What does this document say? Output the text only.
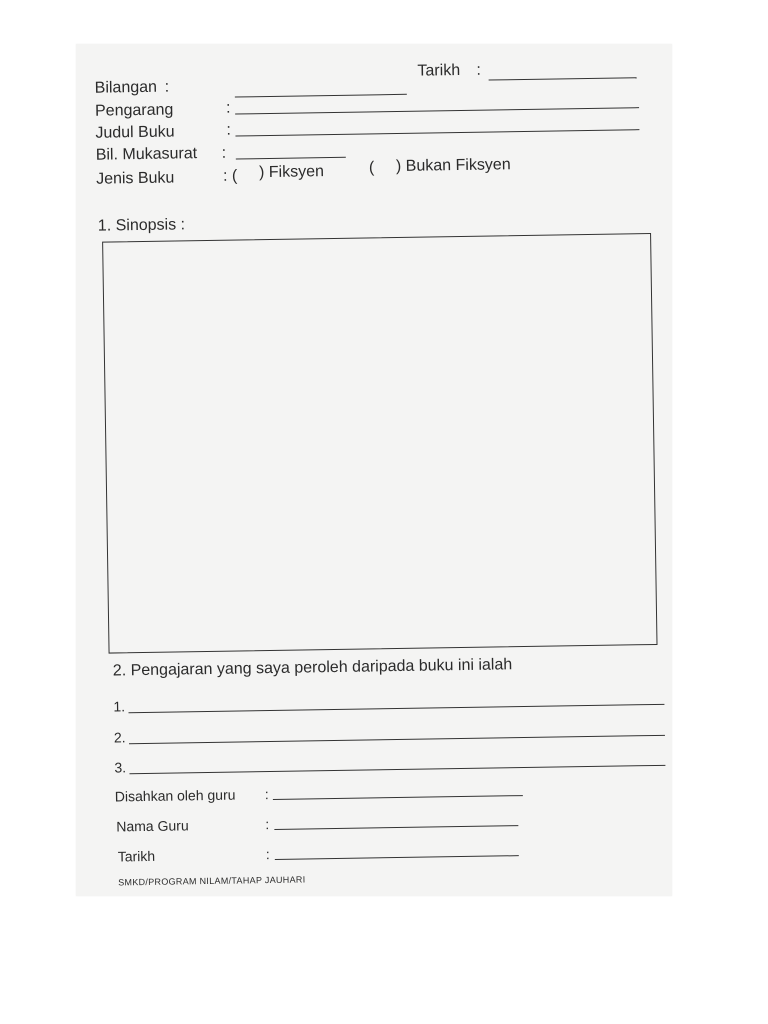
Bilangan :
Tarikh :
Pengarang	:
Judul Buku	:
Bil. Mukasurat :
Jenis Buku	: ( ) Fiksyen	( ) Bukan Fiksyen
1. Sinopsis :
2. Pengajaran yang saya peroleh daripada buku ini ialah
1.
2.
3.
Disahkan oleh guru :
Nama Guru	:
Tarikh	:
SMKD/PROGRAM NILAM/TAHAP JAUHARI
